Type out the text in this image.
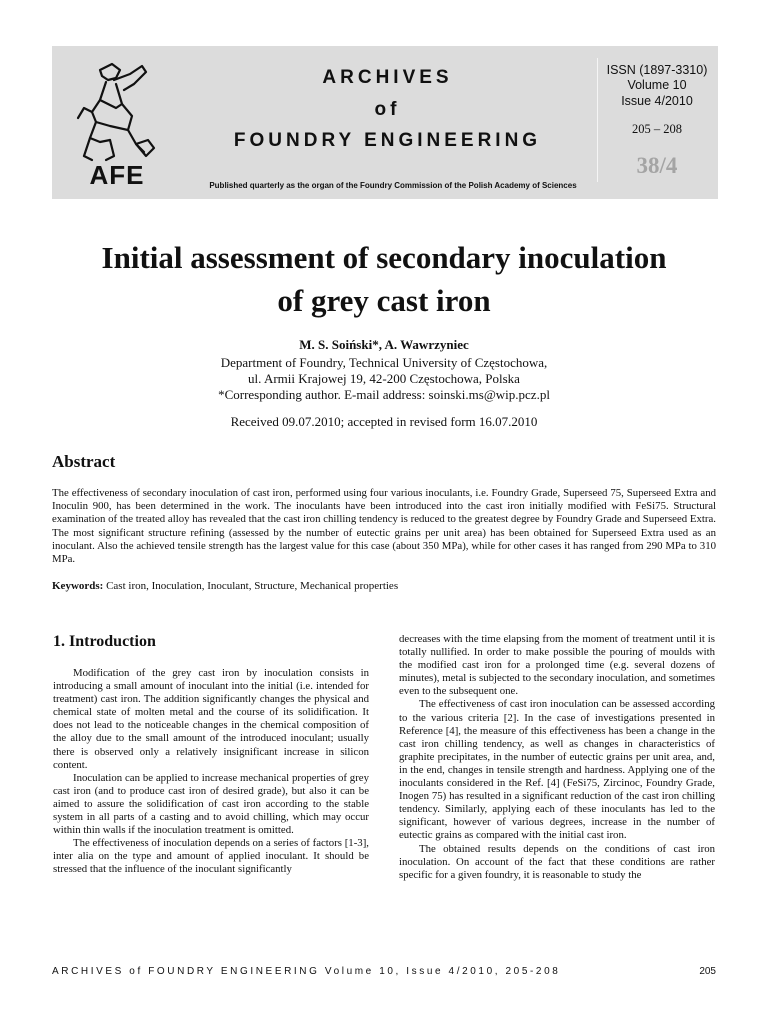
AFE
ARCHIVES
of
FOUNDRY ENGINEERING
Published quarterly as the organ of the Foundry Commission of the Polish Academy of Sciences
ISSN (1897-3310)
Volume 10
Issue 4/2010
205 – 208
38/4
Initial assessment of secondary inoculation
of grey cast iron
M. S. Soiński*, A. Wawrzyniec
Department of Foundry, Technical University of Częstochowa,
ul. Armii Krajowej 19, 42-200 Częstochowa, Polska
*Corresponding author. E-mail address: soinski.ms@wip.pcz.pl
Received 09.07.2010; accepted in revised form 16.07.2010
Abstract

The effectiveness of secondary inoculation of cast iron, performed using four various inoculants, i.e. Foundry Grade, Superseed 75, Superseed Extra and Inoculin 900, has been determined in the work. The inoculants have been introduced into the cast iron initially modified with FeSi75. Structural examination of the treated alloy has revealed that the cast iron chilling tendency is reduced to the greatest degree by Foundry Grade and Superseed Extra. The most significant structure refining (assessed by the number of eutectic grains per unit area) has been obtained for Superseed Extra used as an inoculant. Also the achieved tensile strength has the largest value for this case (about 350 MPa), while for other cases it has ranged from 290 MPa to 310 MPa.

Keywords: Cast iron, Inoculation, Inoculant, Structure, Mechanical properties

1. Introduction

Modification of the grey cast iron by inoculation consists in introducing a small amount of inoculant into the initial (i.e. intended for treatment) cast iron. The addition significantly changes the physical and chemical state of molten metal and the course of its solidification. It does not lead to the noticeable changes in the chemical composition of the alloy due to the small amount of the introduced inoculant; usually there is observed only a relatively insignificant increase in silicon content.

Inoculation can be applied to increase mechanical properties of grey cast iron (and to produce cast iron of desired grade), but also it can be aimed to assure the solidification of cast iron according to the stable system in all parts of a casting and to avoid chilling, which may occur within thin walls if the inoculation treatment is omitted.

The effectiveness of inoculation depends on a series of factors [1-3], inter alia on the type and amount of applied inoculant. It should be stressed that the influence of the inoculant significantly

decreases with the time elapsing from the moment of treatment until it is totally nullified. In order to make possible the pouring of moulds with the modified cast iron for a prolonged time (e.g. several dozens of minutes), metal is subjected to the secondary inoculation, and sometimes even to the subsequent one.

The effectiveness of cast iron inoculation can be assessed according to the various criteria [2]. In the case of investigations presented in Reference [4], the measure of this effectiveness has been a change in the cast iron chilling tendency, as well as changes in characteristics of graphite precipitates, in the number of eutectic grains per unit area, and, in the end, changes in tensile strength and hardness. Applying one of the inoculants considered in the Ref. [4] (FeSi75, Zircinoc, Foundry Grade, Inogen 75) has resulted in a significant reduction of the cast iron chilling tendency. Similarly, applying each of these inoculants has led to the significant, however of various degrees, increase in the number of eutectic grains as compared with the initial cast iron.

The obtained results depends on the conditions of cast iron inoculation. On account of the fact that these conditions are rather specific for a given foundry, it is reasonable to study the

ARCHIVES of FOUNDRY ENGINEERING Volume 10, Issue 4/2010, 205-208	205
